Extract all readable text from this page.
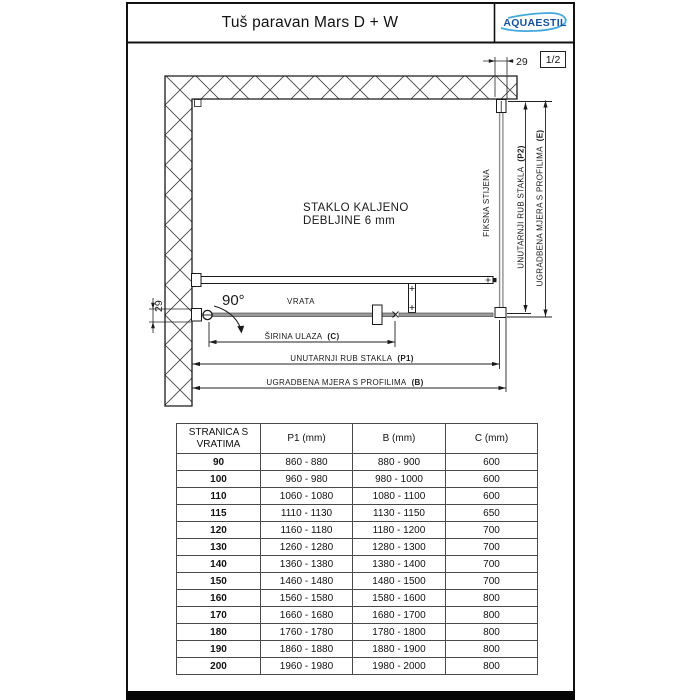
STAKLO KALJENO
DEBLJINE 6 mm	FIKSNA STIJENA
VRATA
90°
ŠIRINA ULAZA (C)
UNUTARNJI RUB STAKLA (P1)
UGRADBENA MJERA S PROFILIMA (B)
UNUTARNJI RUB STAKLA(P2) UGRADBENA MJERA S PROFILIMA(E)
29
29
Tuš paravan Mars D + W	AQUAESTIL
1/2
STRANICA S VRATIMA	P1 (mm)	B (mm)	C (mm)
90	860 - 880	880 - 900	600
100	960 - 980	980 - 1000	600
110	1060 - 1080	1080 - 1100	600
115	1110 - 1130	1130 - 1150	650
120	1160 - 1180	1180 - 1200	700
130	1260 - 1280	1280 - 1300	700
140	1360 - 1380	1380 - 1400	700
150	1460 - 1480	1480 - 1500	700
160	1560 - 1580	1580 - 1600	800
170	1660 - 1680	1680 - 1700	800
180	1760 - 1780	1780 - 1800	800
190	1860 - 1880	1880 - 1900	800
200	1960 - 1980	1980 - 2000	800
